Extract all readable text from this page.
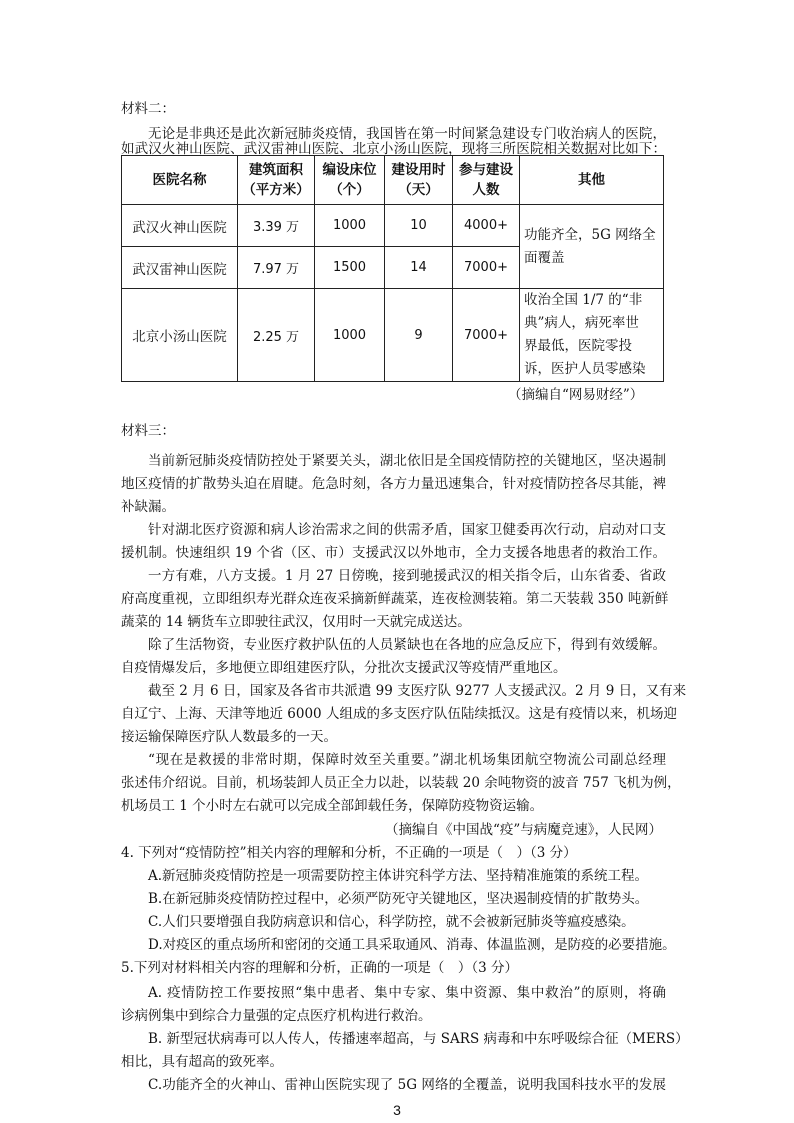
材料二：
无论是非典还是此次新冠肺炎疫情，我国皆在第一时间紧急建设专门收治病人的医院，
如武汉火神山医院、武汉雷神山医院、北京小汤山医院，现将三所医院相关数据对比如下：
医院名称	建筑面积（平方米）	编设床位（个）	建设用时（天）	参与建设人数	其他
武汉火神山医院	3.39 万	1000	10	4000+	功能齐全，5G 网络全
面覆盖

武汉雷神山医院	7.97 万	1500	14	7000+	
北京小汤山医院	2.25 万	1000	9	7000+	收治全国 1/7 的“非
典”病人，病死率世
界最低，医院零投
诉，医护人员零感染
（摘编自“网易财经”）
材料三：
当前新冠肺炎疫情防控处于紧要关头，湖北依旧是全国疫情防控的关键地区，坚决遏制
地区疫情的扩散势头迫在眉睫。危急时刻，各方力量迅速集合，针对疫情防控各尽其能，裨
补缺漏。
针对湖北医疗资源和病人诊治需求之间的供需矛盾，国家卫健委再次行动，启动对口支
援机制。快速组织 19 个省（区、市）支援武汉以外地市，全力支援各地患者的救治工作。
一方有难，八方支援。1 月 27 日傍晚，接到驰援武汉的相关指令后，山东省委、省政
府高度重视，立即组织寿光群众连夜采摘新鲜蔬菜，连夜检测装箱。第二天装载 350 吨新鲜
蔬菜的 14 辆货车立即驶往武汉，仅用时一天就完成送达。
除了生活物资，专业医疗救护队伍的人员紧缺也在各地的应急反应下，得到有效缓解。
自疫情爆发后，多地便立即组建医疗队，分批次支援武汉等疫情严重地区。
截至 2 月 6 日，国家及各省市共派遣 99 支医疗队 9277 人支援武汉。2 月 9 日，又有来
自辽宁、上海、天津等地近 6000 人组成的多支医疗队伍陆续抵汉。这是有疫情以来，机场迎
接运输保障医疗队人数最多的一天。
“现在是救援的非常时期，保障时效至关重要。”湖北机场集团航空物流公司副总经理
张述伟介绍说。目前，机场装卸人员正全力以赴，以装载 20 余吨物资的波音 757 飞机为例，
机场员工 1 个小时左右就可以完成全部卸载任务，保障防疫物资运输。
（摘编自《中国战“疫”与病魔竞速》，人民网）
4. 下列对“疫情防控”相关内容的理解和分析，不正确的一项是（　）（3 分）
A.新冠肺炎疫情防控是一项需要防控主体讲究科学方法、坚持精准施策的系统工程。
B.在新冠肺炎疫情防控过程中，必须严防死守关键地区，坚决遏制疫情的扩散势头。
C.人们只要增强自我防病意识和信心，科学防控，就不会被新冠肺炎等瘟疫感染。
D.对疫区的重点场所和密闭的交通工具采取通风、消毒、体温监测，是防疫的必要措施。
5.下列对材料相关内容的理解和分析，正确的一项是（　）（3 分）
A. 疫情防控工作要按照“集中患者、集中专家、集中资源、集中救治”的原则，将确
诊病例集中到综合力量强的定点医疗机构进行救治。
B. 新型冠状病毒可以人传人，传播速率超高，与 SARS 病毒和中东呼吸综合征（MERS）
相比，具有超高的致死率。
C.功能齐全的火神山、雷神山医院实现了 5G 网络的全覆盖，说明我国科技水平的发展
3
